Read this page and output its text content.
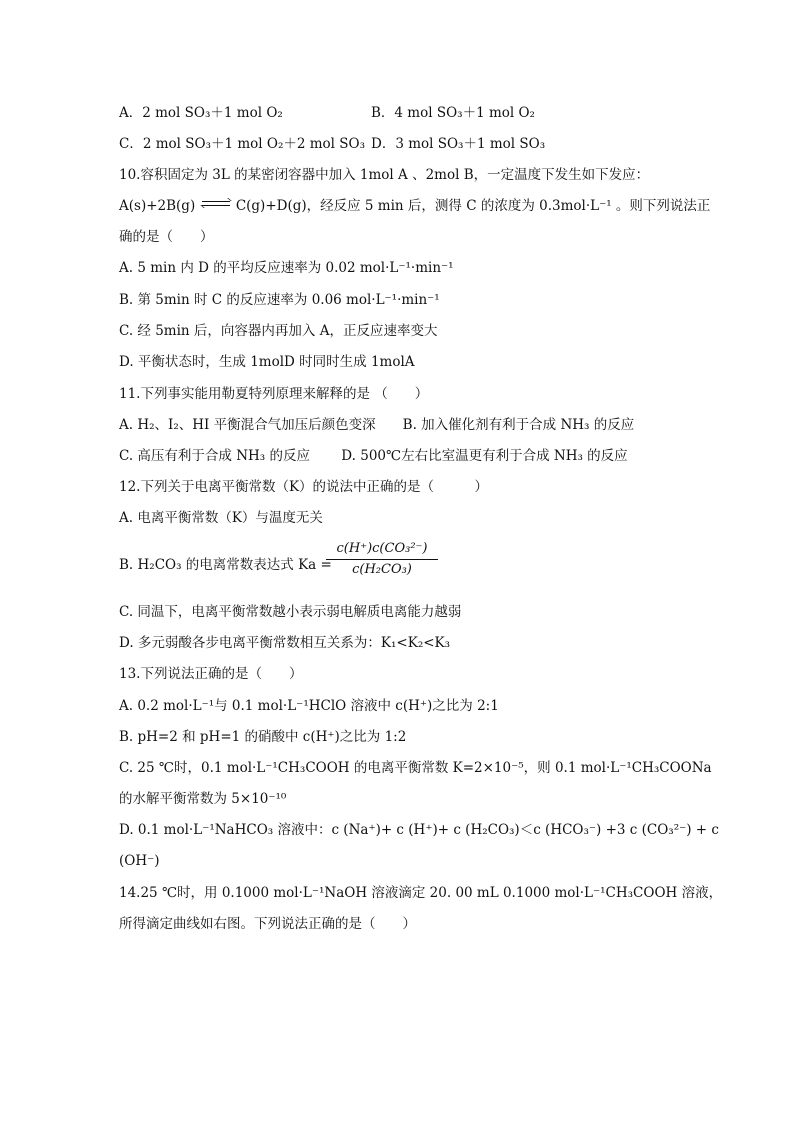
A．2 mol SO₃＋1 mol O₂	B．4 mol SO₃＋1 mol O₂
C．2 mol SO₃＋1 mol O₂＋2 mol SO₃ D．3 mol SO₃＋1 mol SO₃
10.容积固定为 3L 的某密闭容器中加入 1mol A 、2mol B，一定温度下发生如下发应：
A(s)+2B(g)	C(g)+D(g)，经反应 5 min 后，测得 C 的浓度为 0.3mol·L⁻¹ 。则下列说法正
确的是（　　）
A. 5 min 内 D 的平均反应速率为 0.02 mol·L⁻¹·min⁻¹
B. 第 5min 时 C 的反应速率为 0.06 mol·L⁻¹·min⁻¹
C. 经 5min 后，向容器内再加入 A，正反应速率变大
D. 平衡状态时，生成 1molD 时同时生成 1molA
11.下列事实能用勒夏特列原理来解释的是 （　　）
A. H₂、I₂、HI 平衡混合气加压后颜色变深　　B. 加入催化剂有利于合成 NH₃ 的反应
C. 高压有利于合成 NH₃ 的反应　　 D. 500℃左右比室温更有利于合成 NH₃ 的反应
12.下列关于电离平衡常数（K）的说法中正确的是（　　　）
A. 电离平衡常数（K）与温度无关
B. H₂CO₃ 的电离常数表达式 Ka =
c(H⁺)c(CO₃²⁻)
c(H₂CO₃)
C. 同温下，电离平衡常数越小表示弱电解质电离能力越弱
D. 多元弱酸各步电离平衡常数相互关系为：K₁<K₂<K₃
13.下列说法正确的是（　　）
A. 0.2 mol·L⁻¹与 0.1 mol·L⁻¹HClO 溶液中 c(H⁺)之比为 2:1
B. pH=2 和 pH=1 的硝酸中 c(H⁺)之比为 1:2
C. 25 ℃时，0.1 mol·L⁻¹CH₃COOH 的电离平衡常数 K=2×10⁻⁵，则 0.1 mol·L⁻¹CH₃COONa
的水解平衡常数为 5×10⁻¹⁰
D. 0.1 mol·L⁻¹NaHCO₃ 溶液中：c (Na⁺)+ c (H⁺)+ c (H₂CO₃)＜c (HCO₃⁻) +3 c (CO₃²⁻) + c
(OH⁻)
14.25 ℃时，用 0.1000 mol·L⁻¹NaOH 溶液滴定 20. 00 mL 0.1000 mol·L⁻¹CH₃COOH 溶液，
所得滴定曲线如右图。下列说法正确的是（　　）
